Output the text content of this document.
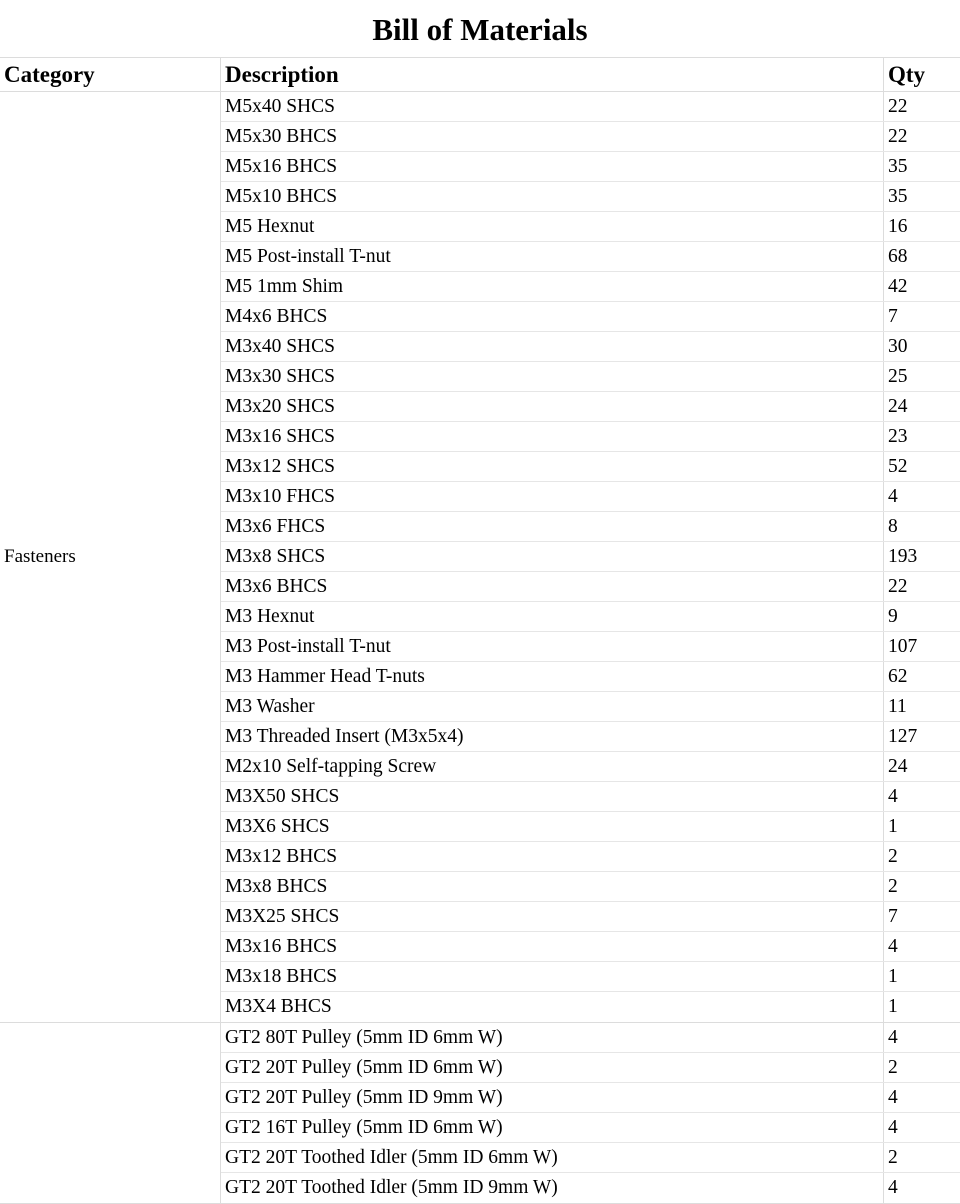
Bill of Materials
Category	Description	Qty
Fasteners
M5x40 SHCS	22
M5x30 BHCS	22
M5x16 BHCS	35
M5x10 BHCS	35
M5 Hexnut	16
M5 Post-install T-nut	68
M5 1mm Shim	42
M4x6 BHCS	7
M3x40 SHCS	30
M3x30 SHCS	25
M3x20 SHCS	24
M3x16 SHCS	23
M3x12 SHCS	52
M3x10 FHCS	4
M3x6 FHCS	8
M3x8 SHCS	193
M3x6 BHCS	22
M3 Hexnut	9
M3 Post-install T-nut	107
M3 Hammer Head T-nuts	62
M3 Washer	11
M3 Threaded Insert (M3x5x4)	127
M2x10 Self-tapping Screw	24
M3X50 SHCS	4
M3X6 SHCS	1
M3x12 BHCS	2
M3x8 BHCS	2
M3X25 SHCS	7
M3x16 BHCS	4
M3x18 BHCS	1
M3X4 BHCS	1
GT2 80T Pulley (5mm ID 6mm W)	4
GT2 20T Pulley (5mm ID 6mm W)	2
GT2 20T Pulley (5mm ID 9mm W)	4
GT2 16T Pulley (5mm ID 6mm W)	4
GT2 20T Toothed Idler (5mm ID 6mm W)	2
GT2 20T Toothed Idler (5mm ID 9mm W)	4
